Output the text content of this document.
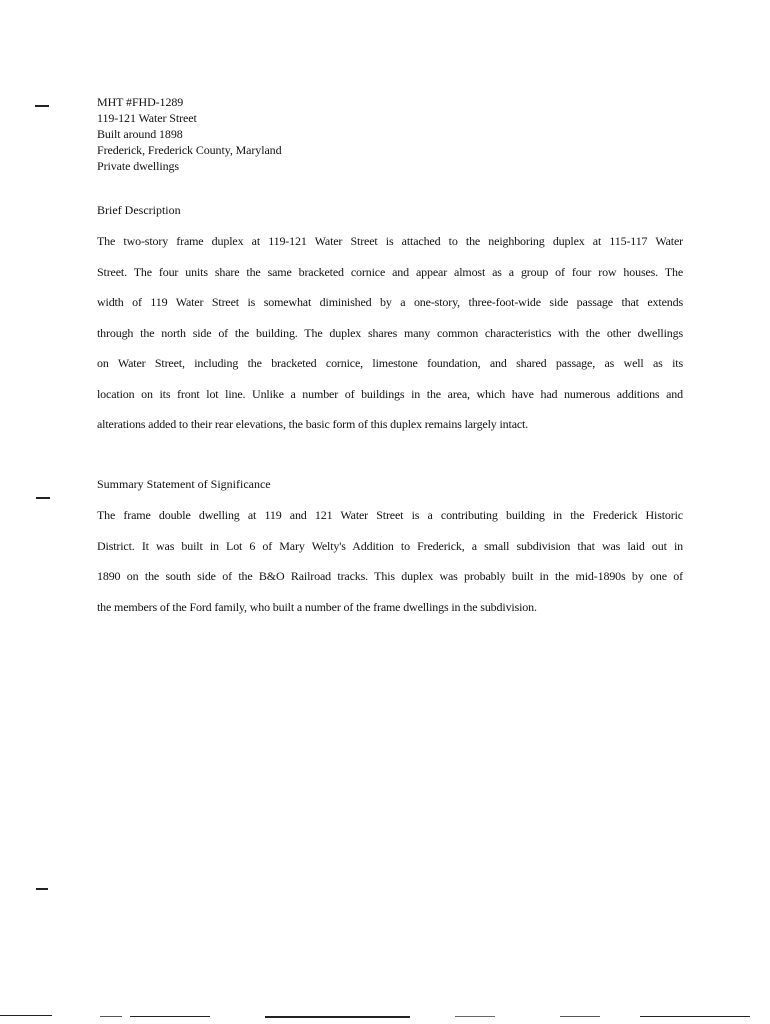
MHT #FHD-1289
119-121 Water Street
Built around 1898
Frederick, Frederick County, Maryland
Private dwellings
Brief Description
The two-story frame duplex at 119-121 Water Street is attached to the neighboring duplex at 115-117 Water
Street. The four units share the same bracketed cornice and appear almost as a group of four row houses. The
width of 119 Water Street is somewhat diminished by a one-story, three-foot-wide side passage that extends
through the north side of the building. The duplex shares many common characteristics with the other dwellings
on Water Street, including the bracketed cornice, limestone foundation, and shared passage, as well as its
location on its front lot line. Unlike a number of buildings in the area, which have had numerous additions and
alterations added to their rear elevations, the basic form of this duplex remains largely intact.
Summary Statement of Significance
The frame double dwelling at 119 and 121 Water Street is a contributing building in the Frederick Historic
District. It was built in Lot 6 of Mary Welty's Addition to Frederick, a small subdivision that was laid out in
1890 on the south side of the B&O Railroad tracks. This duplex was probably built in the mid-1890s by one of
the members of the Ford family, who built a number of the frame dwellings in the subdivision.
